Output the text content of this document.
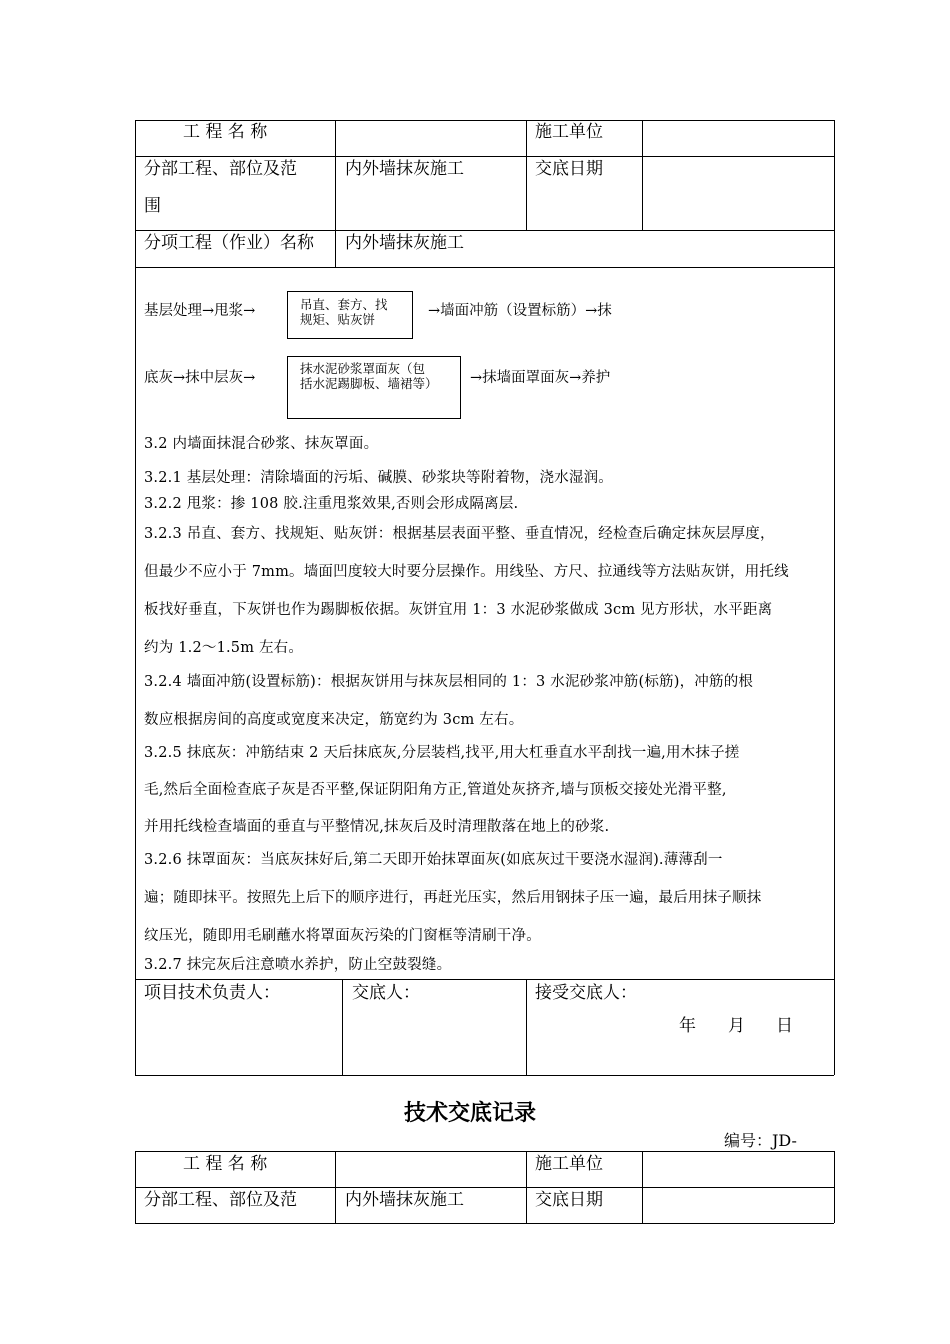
工 程 名 称	施工单位
分部工程、部位及范
围
内外墙抹灰施工	交底日期
分项工程（作业）名称 内外墙抹灰施工
基层处理→甩浆→	吊直、套方、找
规矩、贴灰饼
→墙面冲筋（设置标筋）→抹
底灰→抹中层灰→
抹水泥砂浆罩面灰（包
括水泥踢脚板、墙裙等） →抹墙面罩面灰→养护
3.2 内墙面抹混合砂浆、抹灰罩面。
3.2.1 基层处理：清除墙面的污垢、碱膜、砂浆块等附着物，浇水湿润。
3.2.2 甩浆：掺 108 胶.注重甩浆效果,否则会形成隔离层.
3.2.3 吊直、套方、找规矩、贴灰饼：根据基层表面平整、垂直情况，经检查后确定抹灰层厚度，
但最少不应小于 7mm。墙面凹度较大时要分层操作。用线坠、方尺、拉通线等方法贴灰饼，用托线
板找好垂直，下灰饼也作为踢脚板依据。灰饼宜用 1：3 水泥砂浆做成 3cm 见方形状，水平距离
约为 1.2～1.5m 左右。
3.2.4 墙面冲筋(设置标筋)：根据灰饼用与抹灰层相同的 1：3 水泥砂浆冲筋(标筋)，冲筋的根
数应根据房间的高度或宽度来决定，筋宽约为 3cm 左右。
3.2.5 抹底灰：冲筋结束 2 天后抹底灰,分层装档,找平,用大杠垂直水平刮找一遍,用木抹子搓
毛,然后全面检查底子灰是否平整,保证阴阳角方正,管道处灰挤齐,墙与顶板交接处光滑平整,
并用托线检查墙面的垂直与平整情况,抹灰后及时清理散落在地上的砂浆.
3.2.6 抹罩面灰：当底灰抹好后,第二天即开始抹罩面灰(如底灰过干要浇水湿润).薄薄刮一
遍；随即抹平。按照先上后下的顺序进行，再赶光压实，然后用钢抹子压一遍，最后用抹子顺抹
纹压光，随即用毛刷蘸水将罩面灰污染的门窗框等清刷干净。
3.2.7 抹完灰后注意喷水养护，防止空鼓裂缝。
项目技术负责人：	交底人：	接受交底人：
年 月 日
技术交底记录
编号：JD-
工 程 名 称	施工单位
分部工程、部位及范	内外墙抹灰施工	交底日期
